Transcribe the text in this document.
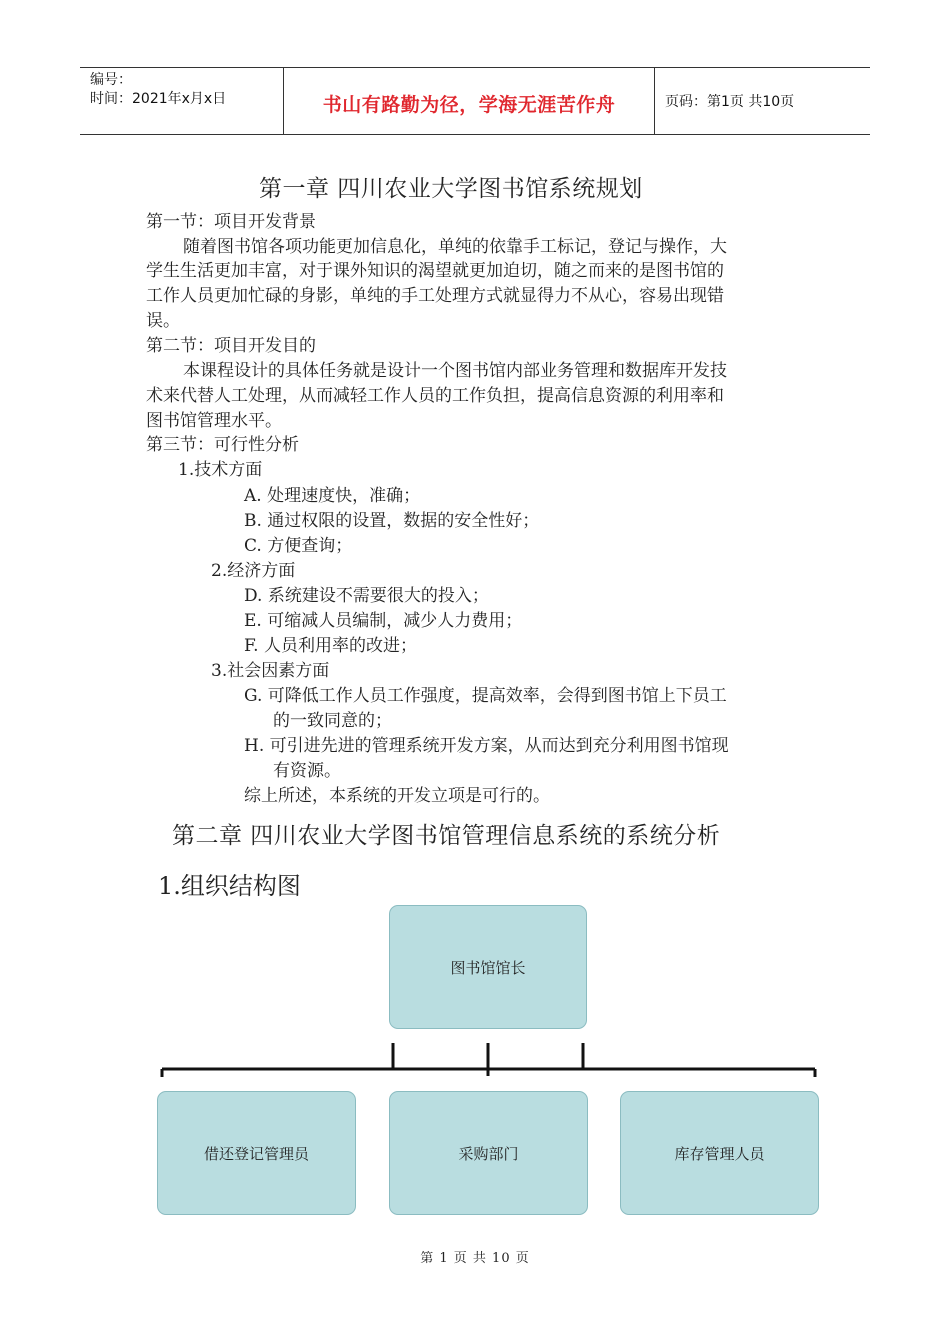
编号：
时间：2021年x月x日	书山有路勤为径，学海无涯苦作舟	页码：第1页 共10页
第一章 四川农业大学图书馆系统规划
第一节：项目开发背景
随着图书馆各项功能更加信息化，单纯的依靠手工标记，登记与操作，大
学生生活更加丰富，对于课外知识的渴望就更加迫切，随之而来的是图书馆的
工作人员更加忙碌的身影，单纯的手工处理方式就显得力不从心，容易出现错
误。
第二节：项目开发目的
本课程设计的具体任务就是设计一个图书馆内部业务管理和数据库开发技
术来代替人工处理，从而减轻工作人员的工作负担，提高信息资源的利用率和
图书馆管理水平。
第三节：可行性分析
1.技术方面
A. 处理速度快，准确；
B. 通过权限的设置，数据的安全性好；
C. 方便查询；
2.经济方面
D. 系统建设不需要很大的投入；
E. 可缩减人员编制，减少人力费用；
F. 人员利用率的改进；
3.社会因素方面
G. 可降低工作人员工作强度，提高效率，会得到图书馆上下员工
的一致同意的；
H. 可引进先进的管理系统开发方案，从而达到充分利用图书馆现
有资源。
综上所述，本系统的开发立项是可行的。
第二章 四川农业大学图书馆管理信息系统的系统分析
1.组织结构图
图书馆馆长
借还登记管理员	采购部门	库存管理人员
第 1 页 共 10 页
